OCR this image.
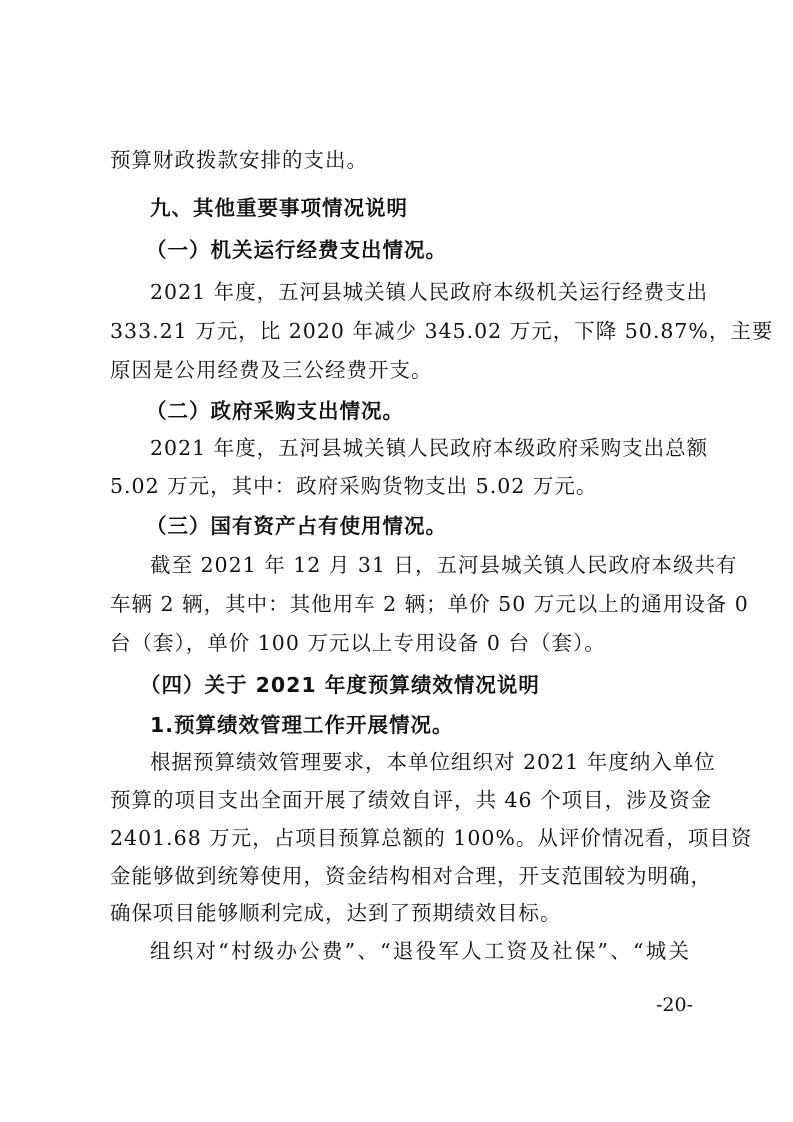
预算财政拨款安排的支出。
九、其他重要事项情况说明
（一）机关运行经费支出情况。
2021 年度，五河县城关镇人民政府本级机关运行经费支出
333.21 万元，比 2020 年减少 345.02 万元，下降 50.87%，主要
原因是公用经费及三公经费开支。
（二）政府采购支出情况。
2021 年度，五河县城关镇人民政府本级政府采购支出总额
5.02 万元，其中：政府采购货物支出 5.02 万元。
（三）国有资产占有使用情况。
截至 2021 年 12 月 31 日，五河县城关镇人民政府本级共有
车辆 2 辆，其中：其他用车 2 辆；单价 50 万元以上的通用设备 0
台（套），单价 100 万元以上专用设备 0 台（套）。
（四）关于 2021 年度预算绩效情况说明
1.预算绩效管理工作开展情况。
根据预算绩效管理要求，本单位组织对 2021 年度纳入单位
预算的项目支出全面开展了绩效自评，共 46 个项目，涉及资金
2401.68 万元，占项目预算总额的 100%。从评价情况看，项目资
金能够做到统筹使用，资金结构相对合理，开支范围较为明确，
确保项目能够顺利完成，达到了预期绩效目标。
组织对“村级办公费”、“退役军人工资及社保”、“城关
-20-
